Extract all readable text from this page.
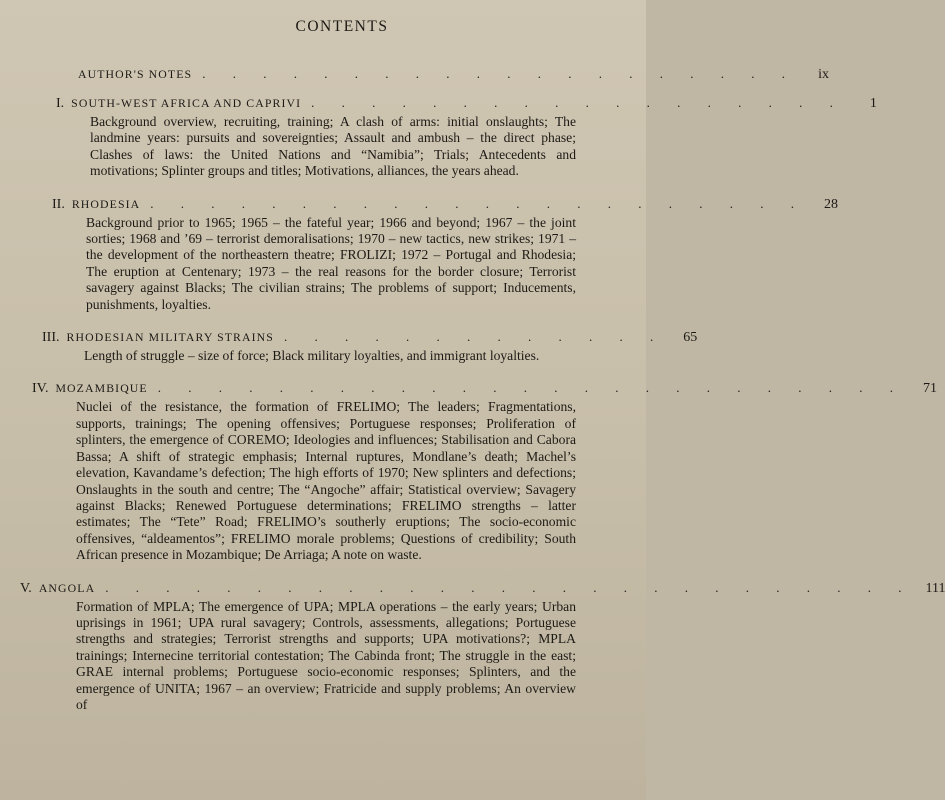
CONTENTS
AUTHOR'S NOTES . . . . . . . . . . . . . . . . . . . .	ix
I. SOUTH-WEST AFRICA AND CAPRIVI . . . . . . . . . . . . . . . . . .	1
Background overview, recruiting, training; A clash of arms: initial onslaughts; The landmine years: pursuits and sovereignties; Assault and ambush – the direct phase; Clashes of laws: the United Nations and “Namibia”; Trials; Antecedents and motivations; Splinter groups and titles; Motivations, alliances, the years ahead.
II. RHODESIA . . . . . . . . . . . . . . . . . . . . . .	28
Background prior to 1965; 1965 – the fateful year; 1966 and beyond; 1967 – the joint sorties; 1968 and ’69 – terrorist demoralisations; 1970 – new tactics, new strikes; 1971 – the development of the northeastern theatre; FROLIZI; 1972 – Portugal and Rhodesia; The eruption at Centenary; 1973 – the real reasons for the border closure; Terrorist savagery against Blacks; The civilian strains; The problems of support; Inducements, punishments, loyalties.
III. RHODESIAN MILITARY STRAINS . . . . . . . . . . . . .	65
Length of struggle – size of force; Black military loyalties, and immigrant loyalties.
IV. MOZAMBIQUE . . . . . . . . . . . . . . . . . . . . . . . . .	71
Nuclei of the resistance, the formation of FRELIMO; The leaders; Fragmentations, supports, trainings; The opening offensives; Portuguese responses; Proliferation of splinters, the emergence of COREMO; Ideologies and influences; Stabilisation and Cabora Bassa; A shift of strategic emphasis; Internal ruptures, Mondlane’s death; Machel’s elevation, Kavandame’s defection; The high efforts of 1970; New splinters and defections; Onslaughts in the south and centre; The “Angoche” affair; Statistical overview; Savagery against Blacks; Renewed Portuguese determinations; FRELIMO strengths – latter estimates; The “Tete” Road; FRELIMO’s southerly eruptions; The socio-economic offensives, “aldeamentos”; FRELIMO morale problems; Questions of credibility; South African presence in Mozambique; De Arriaga; A note on waste.
V. ANGOLA . . . . . . . . . . . . . . . . . . . . . . . . . . . 111
Formation of MPLA; The emergence of UPA; MPLA operations – the early years; Urban uprisings in 1961; UPA rural savagery; Controls, assessments, allegations; Portuguese strengths and strategies; Terrorist strengths and supports; UPA motivations?; MPLA trainings; Internecine territorial contestation; The Cabinda front; The struggle in the east; GRAE internal problems; Portuguese socio-economic responses; Splinters, and the emergence of UNITA; 1967 – an overview; Fratricide and supply problems; An overview of
